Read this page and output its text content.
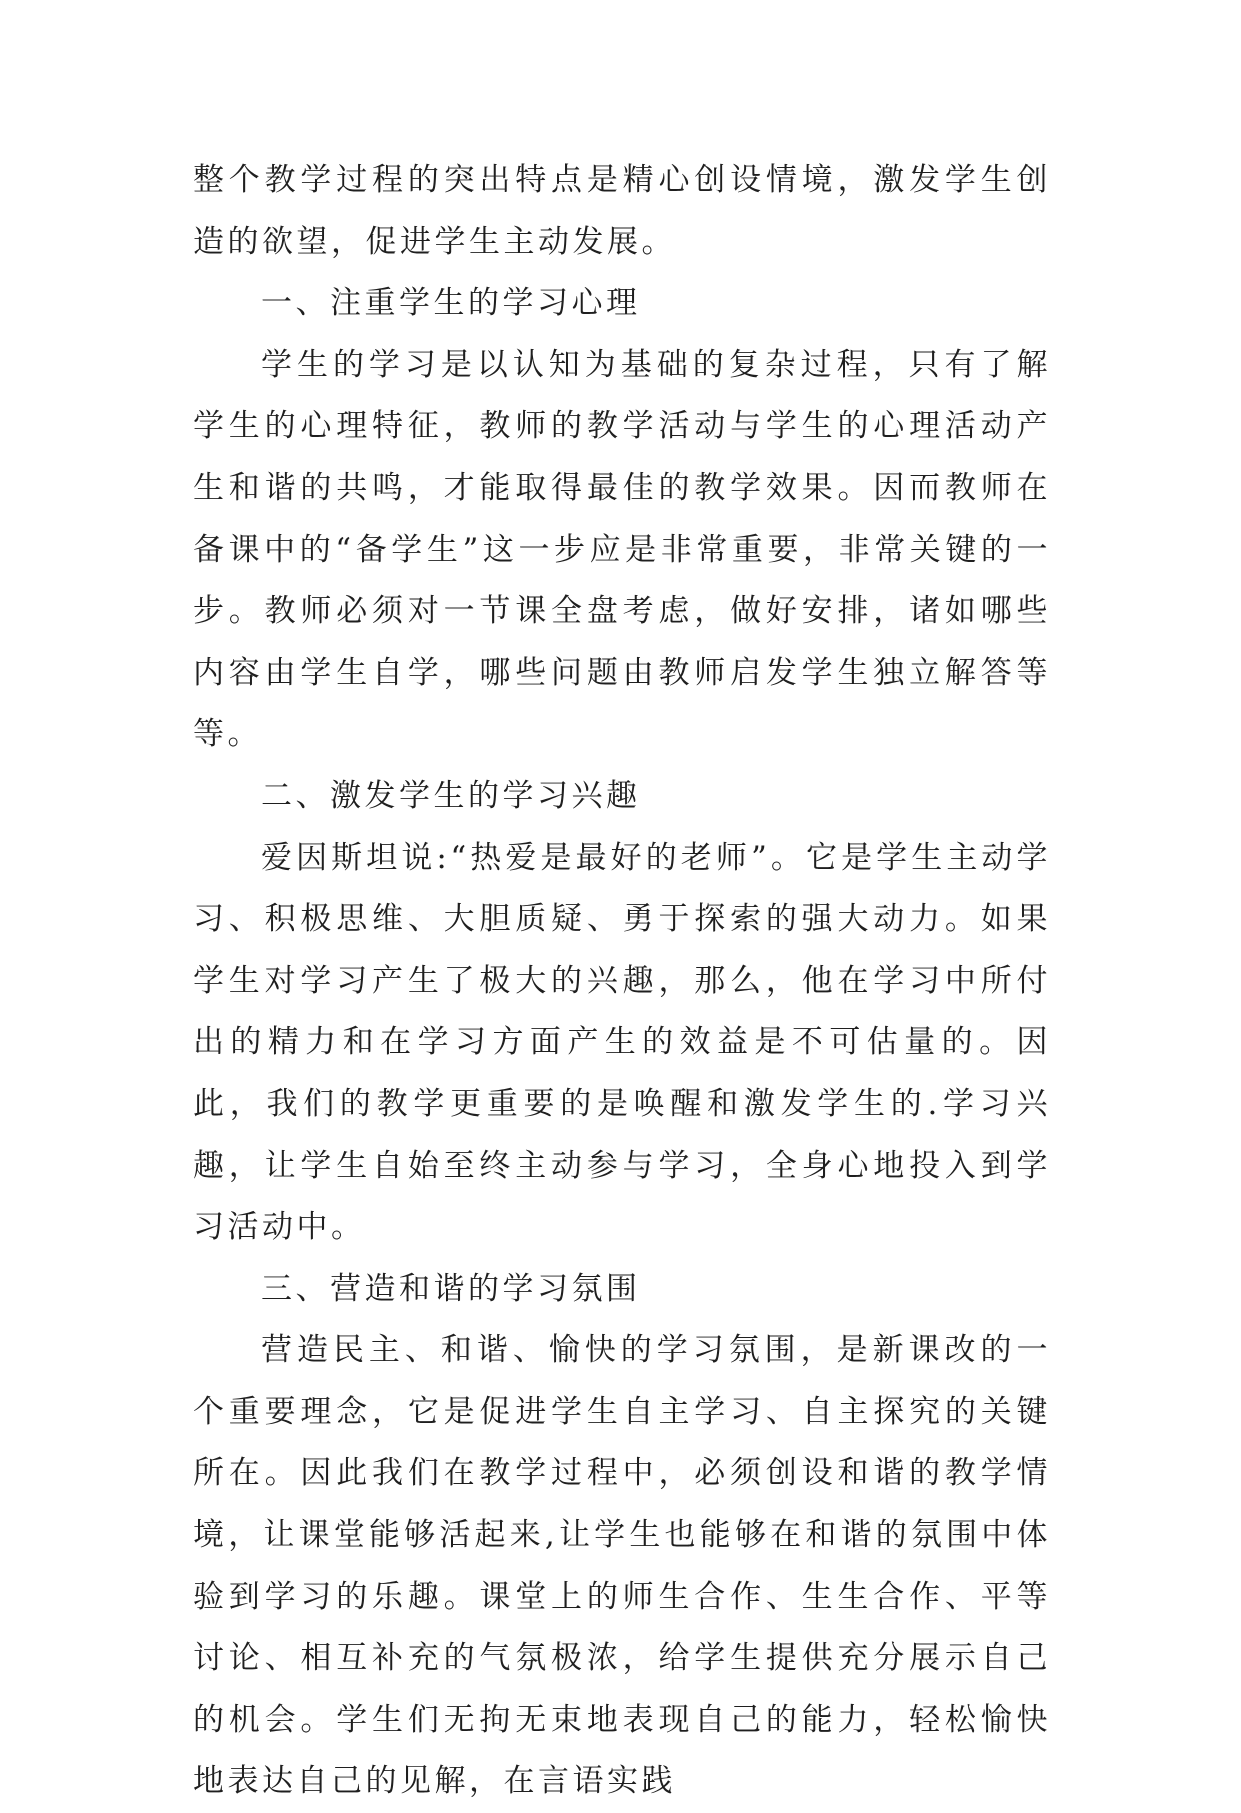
整个教学过程的突出特点是精心创设情境，激发学生创造的欲望，促进学生主动发展。

一、注重学生的学习心理

学生的学习是以认知为基础的复杂过程，只有了解学生的心理特征，教师的教学活动与学生的心理活动产生和谐的共鸣，才能取得最佳的教学效果。因而教师在备课中的“备学生”这一步应是非常重要，非常关键的一步。教师必须对一节课全盘考虑，做好安排，诸如哪些内容由学生自学，哪些问题由教师启发学生独立解答等等。

二、激发学生的学习兴趣

爱因斯坦说:“热爱是最好的老师”。它是学生主动学习、积极思维、大胆质疑、勇于探索的强大动力。如果学生对学习产生了极大的兴趣，那么，他在学习中所付出的精力和在学习方面产生的效益是不可估量的。因此，我们的教学更重要的是唤醒和激发学生的.学习兴趣，让学生自始至终主动参与学习，全身心地投入到学习活动中。

三、营造和谐的学习氛围

营造民主、和谐、愉快的学习氛围，是新课改的一个重要理念，它是促进学生自主学习、自主探究的关键所在。因此我们在教学过程中，必须创设和谐的教学情境，让课堂能够活起来,让学生也能够在和谐的氛围中体验到学习的乐趣。课堂上的师生合作、生生合作、平等讨论、相互补充的气氛极浓，给学生提供充分展示自己的机会。学生们无拘无束地表现自己的能力，轻松愉快地表达自己的见解，在言语实践
